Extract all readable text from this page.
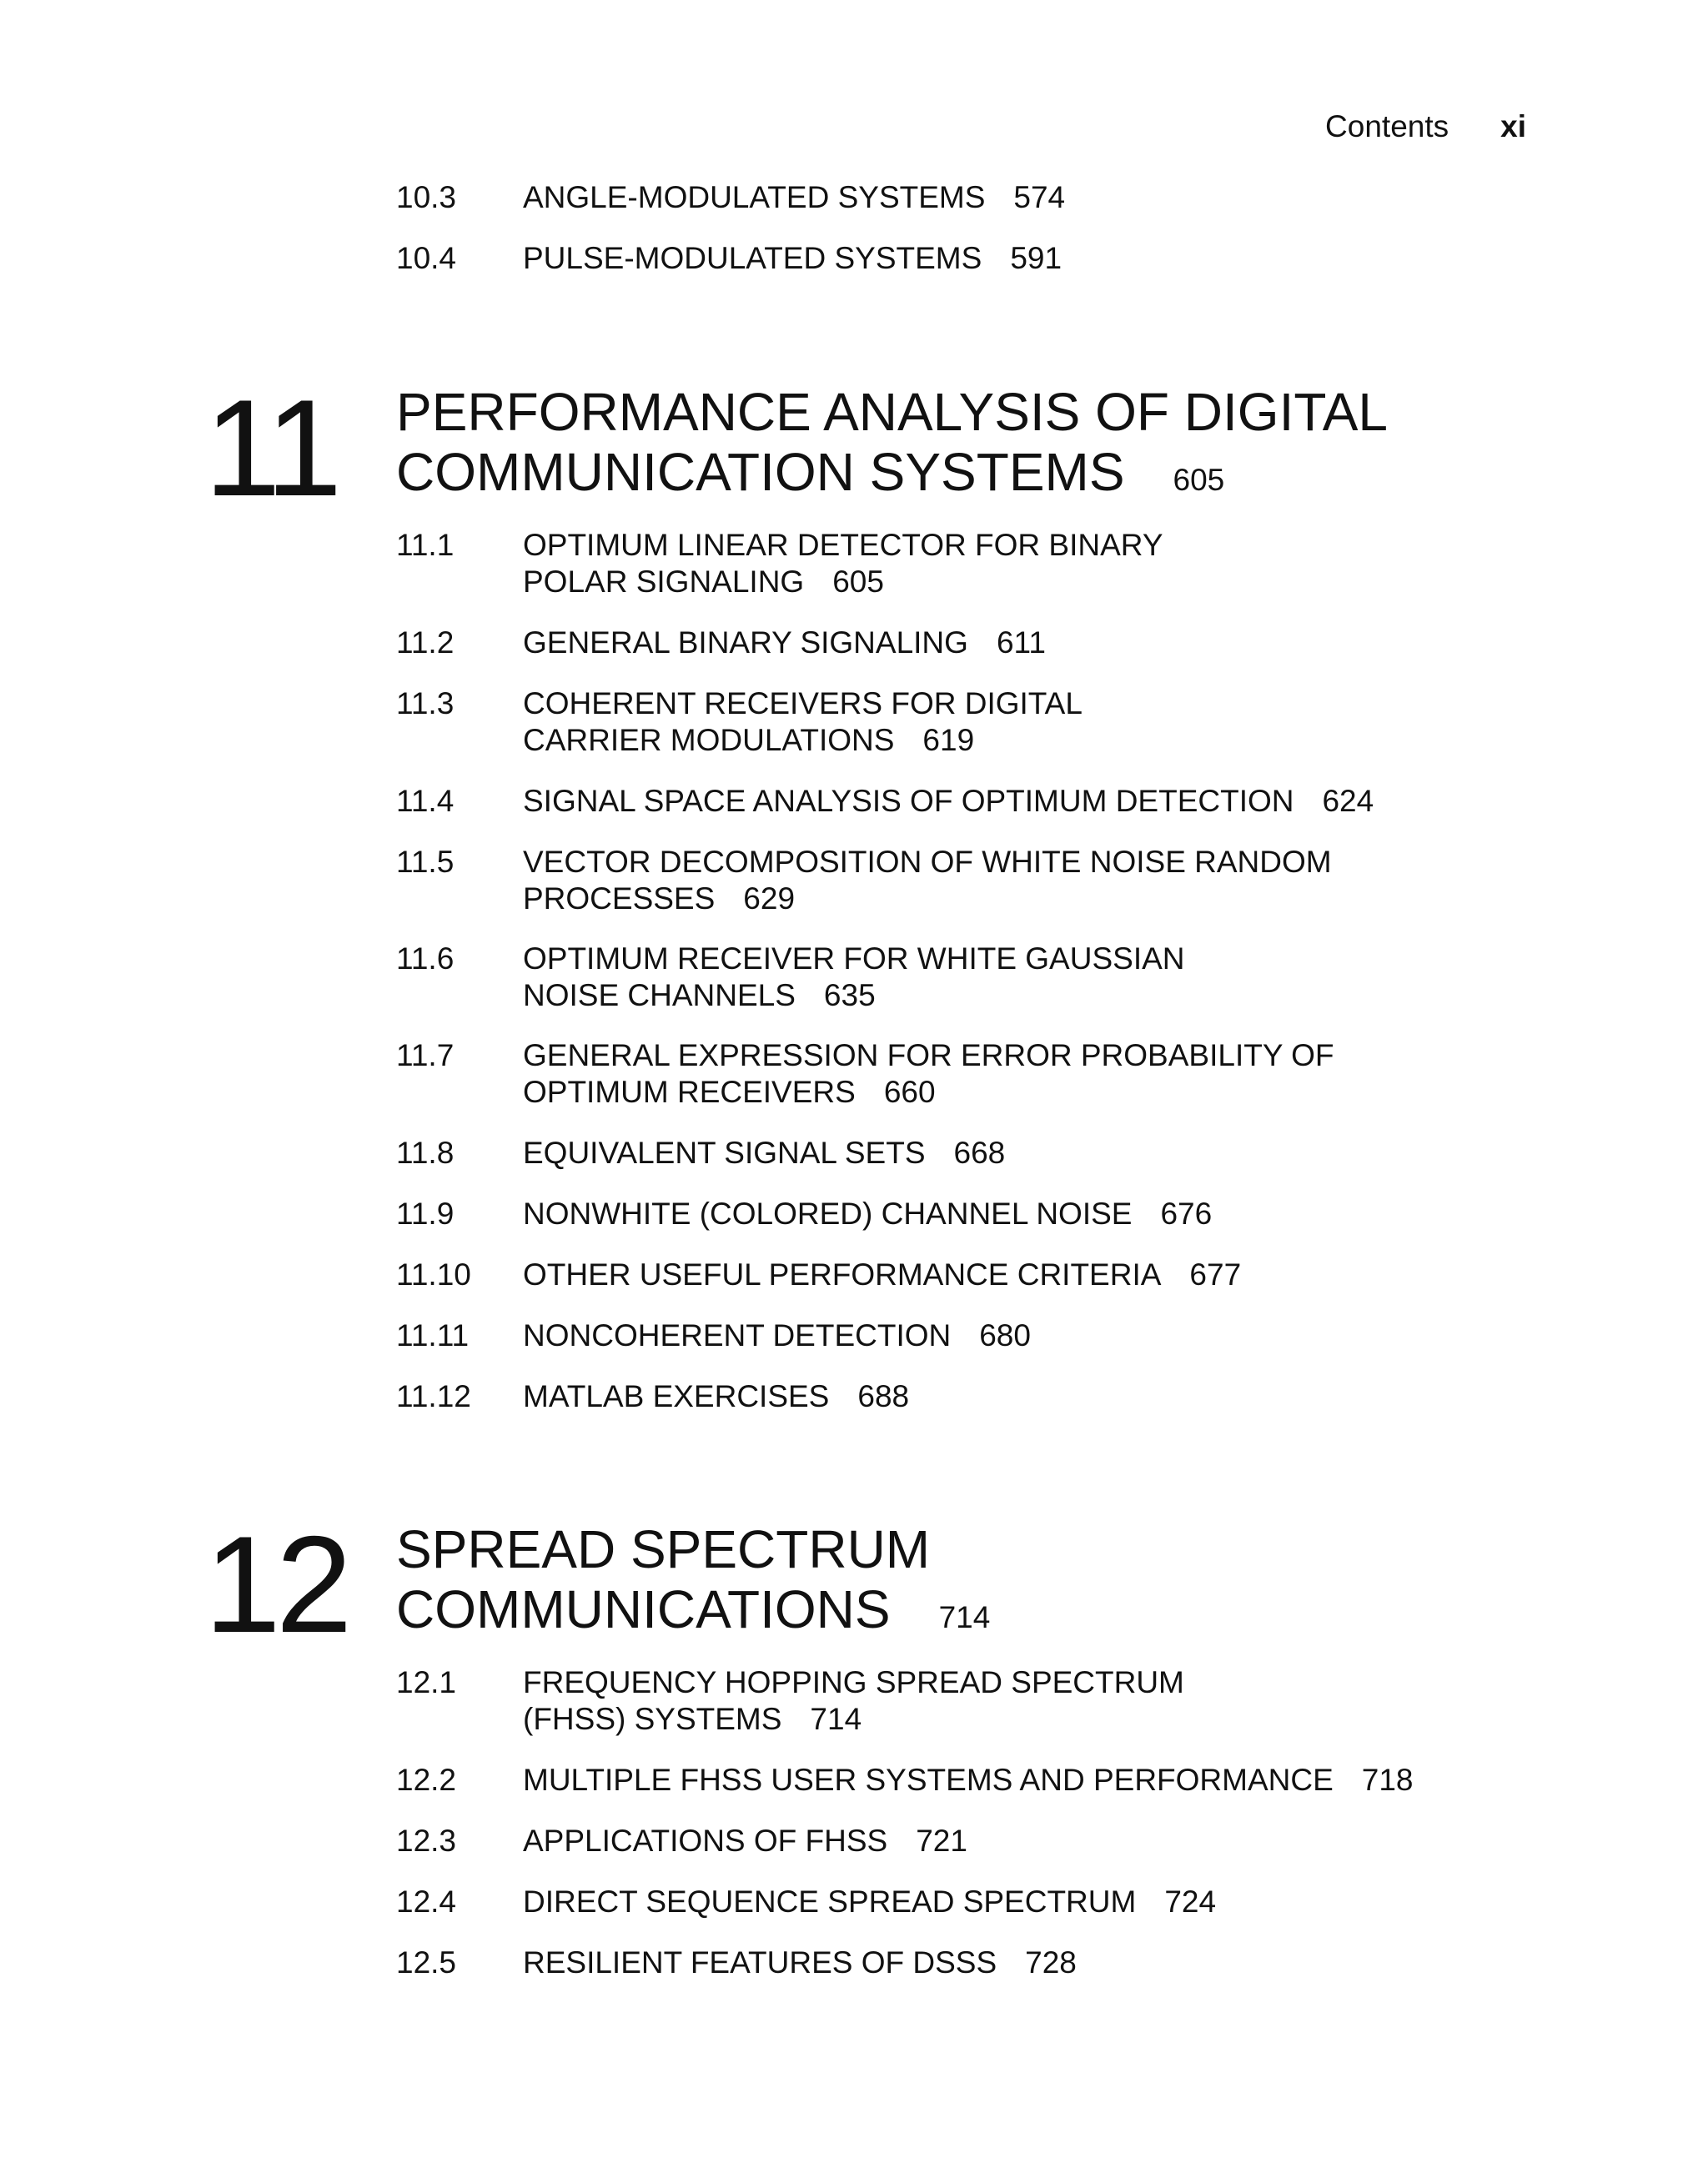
Contents xi
10.3 ANGLE-MODULATED SYSTEMS 574
10.4 PULSE-MODULATED SYSTEMS 591
11 PERFORMANCE ANALYSIS OF DIGITAL
COMMUNICATION SYSTEMS 605
11.1 OPTIMUM LINEAR DETECTOR FOR BINARY POLAR SIGNALING 605
11.2 GENERAL BINARY SIGNALING 611
11.3 COHERENT RECEIVERS FOR DIGITAL CARRIER MODULATIONS 619
11.4 SIGNAL SPACE ANALYSIS OF OPTIMUM DETECTION 624
11.5 VECTOR DECOMPOSITION OF WHITE NOISE RANDOM PROCESSES 629
11.6 OPTIMUM RECEIVER FOR WHITE GAUSSIAN NOISE CHANNELS 635
11.7 GENERAL EXPRESSION FOR ERROR PROBABILITY OF OPTIMUM RECEIVERS 660
11.8 EQUIVALENT SIGNAL SETS 668
11.9 NONWHITE (COLORED) CHANNEL NOISE 676
11.10 OTHER USEFUL PERFORMANCE CRITERIA 677
11.11 NONCOHERENT DETECTION 680
11.12 MATLAB EXERCISES 688
12 SPREAD SPECTRUM
COMMUNICATIONS 714
12.1 FREQUENCY HOPPING SPREAD SPECTRUM (FHSS) SYSTEMS 714
12.2 MULTIPLE FHSS USER SYSTEMS AND PERFORMANCE 718
12.3 APPLICATIONS OF FHSS 721
12.4 DIRECT SEQUENCE SPREAD SPECTRUM 724
12.5 RESILIENT FEATURES OF DSSS 728
